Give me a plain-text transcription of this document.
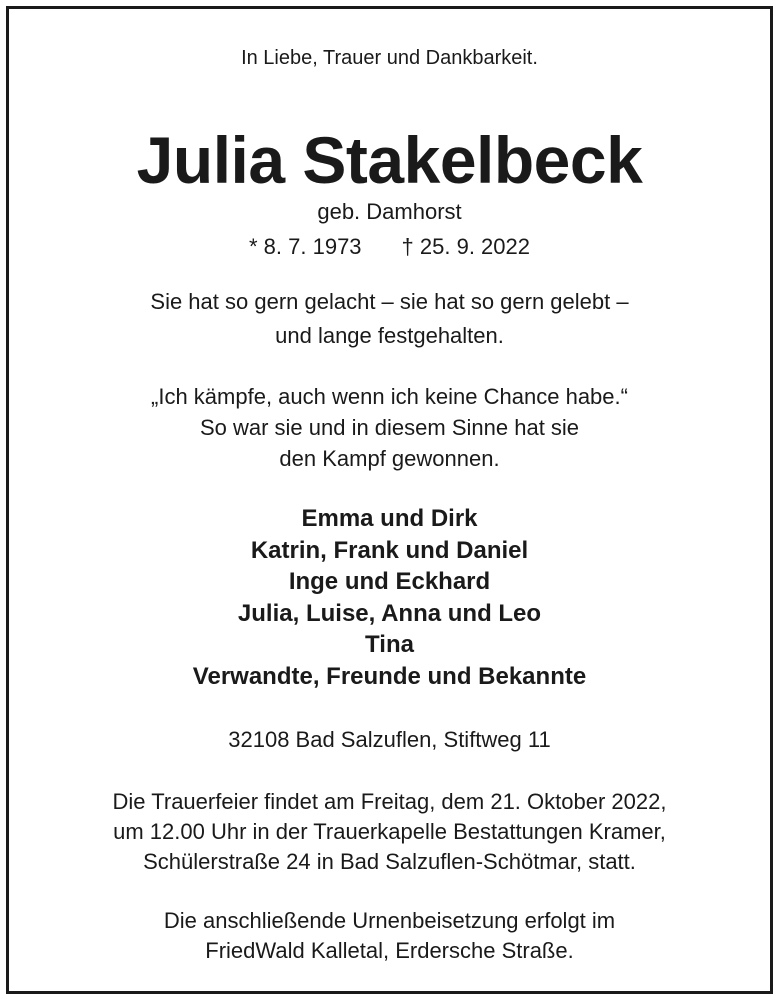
In Liebe, Trauer und Dankbarkeit.
Julia Stakelbeck
geb. Damhorst
* 8. 7. 1973 † 25. 9. 2022
Sie hat so gern gelacht – sie hat so gern gelebt –
und lange festgehalten.
„Ich kämpfe, auch wenn ich keine Chance habe.“
So war sie und in diesem Sinne hat sie
den Kampf gewonnen.
Emma und Dirk
Katrin, Frank und Daniel
Inge und Eckhard
Julia, Luise, Anna und Leo
Tina
Verwandte, Freunde und Bekannte
32108 Bad Salzuflen, Stiftweg 11
Die Trauerfeier findet am Freitag, dem 21. Oktober 2022,
um 12.00 Uhr in der Trauerkapelle Bestattungen Kramer,
Schülerstraße 24 in Bad Salzuflen-Schötmar, statt.
Die anschließende Urnenbeisetzung erfolgt im
FriedWald Kalletal, Erdersche Straße.
